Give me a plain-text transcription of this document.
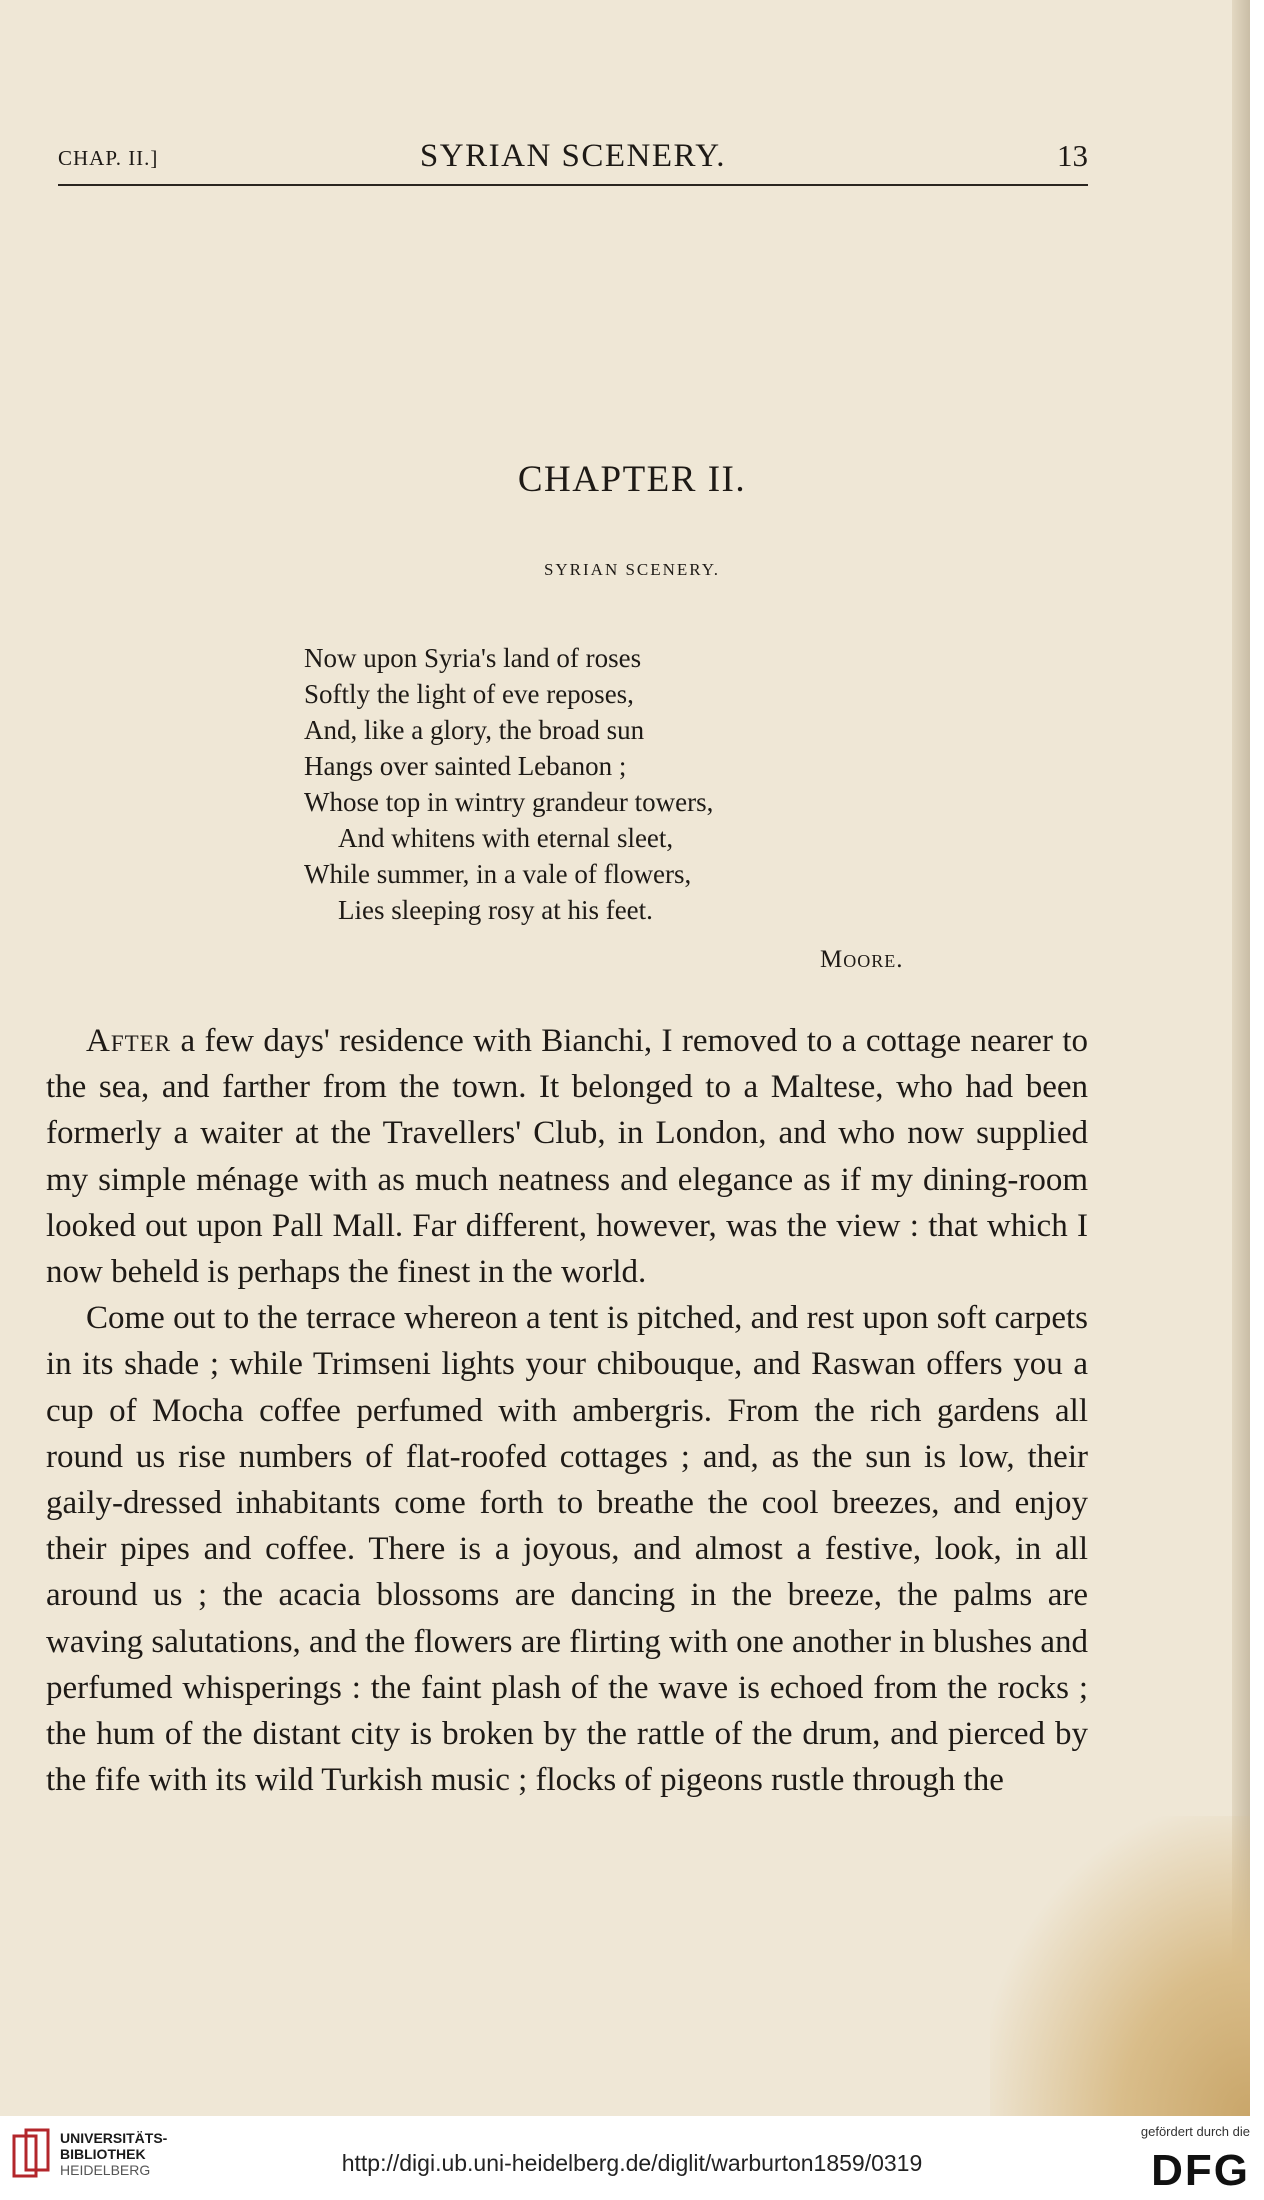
CHAP. II.]	SYRIAN SCENERY.	13
CHAPTER II.
SYRIAN SCENERY.
Now upon Syria's land of roses
Softly the light of eve reposes,
And, like a glory, the broad sun
Hangs over sainted Lebanon ;
Whose top in wintry grandeur towers,
And whitens with eternal sleet,
While summer, in a vale of flowers,
Lies sleeping rosy at his feet.
Moore.

After a few days' residence with Bianchi, I removed to a cottage nearer to the sea, and farther from the town. It belonged to a Maltese, who had been formerly a waiter at the Travellers' Club, in London, and who now supplied my simple ménage with as much neatness and elegance as if my dining-room looked out upon Pall Mall. Far different, however, was the view : that which I now beheld is perhaps the finest in the world.

Come out to the terrace whereon a tent is pitched, and rest upon soft carpets in its shade ; while Trimseni lights your chibouque, and Raswan offers you a cup of Mocha coffee perfumed with ambergris. From the rich gardens all round us rise numbers of flat-roofed cottages ; and, as the sun is low, their gaily-dressed inhabitants come forth to breathe the cool breezes, and enjoy their pipes and coffee. There is a joyous, and almost a festive, look, in all around us ; the acacia blossoms are dancing in the breeze, the palms are waving salutations, and the flowers are flirting with one another in blushes and perfumed whisperings : the faint plash of the wave is echoed from the rocks ; the hum of the distant city is broken by the rattle of the drum, and pierced by the fife with its wild Turkish music ; flocks of pigeons rustle through the

UNIVERSITÄTS-
BIBLIOTHEK
HEIDELBERG	http://digi.ub.uni-heidelberg.de/diglit/warburton1859/0319
gefördert durch die
DFG
